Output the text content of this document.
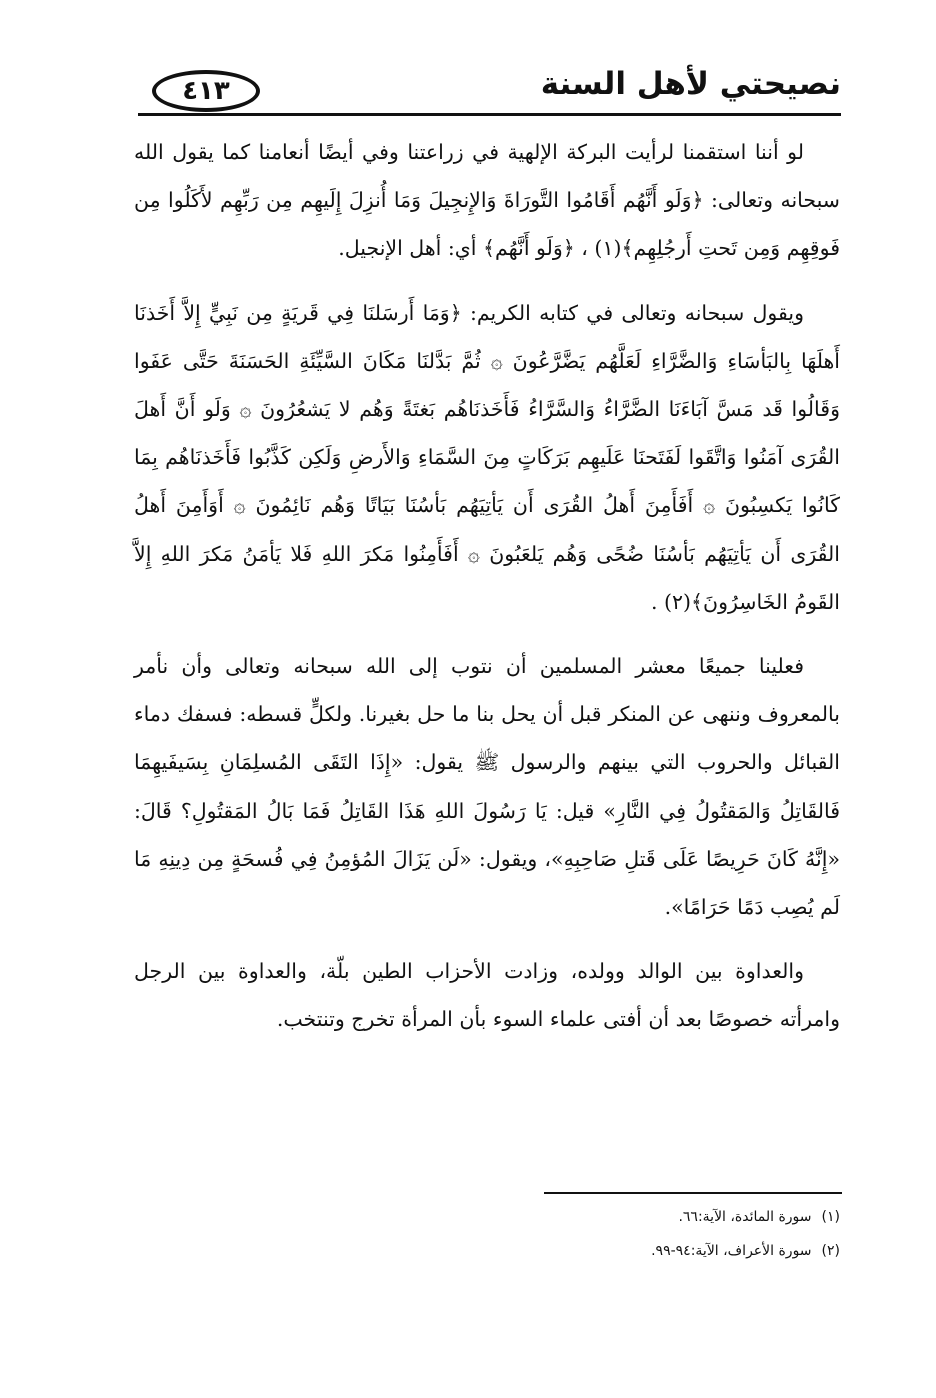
نصيحتي لأهل السنة
٤١٣

لو أننا استقمنا لرأيت البركة الإلهية في زراعتنا وفي أيضًا أنعامنا كما يقول الله سبحانه وتعالى: ﴿وَلَو أَنَّهُم أَقَامُوا التَّورَاةَ وَالإِنجِيلَ وَمَا أُنزِلَ إِلَيهِم مِن رَبِّهِم لأَكَلُوا مِن فَوقِهِم وَمِن تَحتِ أَرجُلِهِم﴾(١) ، ﴿وَلَو أَنَّهُم﴾ أي: أهل الإنجيل.

ويقول سبحانه وتعالى في كتابه الكريم: ﴿وَمَا أَرسَلنَا فِي قَريَةٍ مِن نَبِيٍّ إِلاَّ أَخَذنَا أَهلَهَا بِالبَأسَاءِ وَالضَّرَّاءِ لَعَلَّهُم يَضَّرَّعُونَ ۞ ثُمَّ بَدَّلنَا مَكَانَ السَّيِّئَةِ الحَسَنَةَ حَتَّى عَفَوا وَقَالُوا قَد مَسَّ آبَاءَنَا الضَّرَّاءُ وَالسَّرَّاءُ فَأَخَذنَاهُم بَغتَةً وَهُم لا يَشعُرُونَ ۞ وَلَو أَنَّ أَهلَ القُرَى آمَنُوا وَاتَّقَوا لَفَتَحنَا عَلَيهِم بَرَكَاتٍ مِنَ السَّمَاءِ وَالأَرضِ وَلَكِن كَذَّبُوا فَأَخَذنَاهُم بِمَا كَانُوا يَكسِبُونَ ۞ أَفَأَمِنَ أَهلُ القُرَى أَن يَأتِيَهُم بَأسُنَا بَيَاتًا وَهُم نَائِمُونَ ۞ أَوَأَمِنَ أَهلُ القُرَى أَن يَأتِيَهُم بَأسُنَا ضُحًى وَهُم يَلعَبُونَ ۞ أَفَأَمِنُوا مَكرَ اللهِ فَلا يَأمَنُ مَكرَ اللهِ إِلاَّ القَومُ الخَاسِرُونَ﴾(٢) .

فعلينا جميعًا معشر المسلمين أن نتوب إلى الله سبحانه وتعالى وأن نأمر بالمعروف وننهى عن المنكر قبل أن يحل بنا ما حل بغيرنا. ولكلٍّ قسطه: فسفك دماء القبائل والحروب التي بينهم والرسول ﷺ يقول: «إِذَا التَقَى المُسلِمَانِ بِسَيفَيهِمَا فَالقَاتِلُ وَالمَقتُولُ فِي النَّارِ» قيل: يَا رَسُولَ اللهِ هَذَا القَاتِلُ فَمَا بَالُ المَقتُولِ؟ قَالَ: «إِنَّهُ كَانَ حَرِيصًا عَلَى قَتلِ صَاحِبِهِ»، ويقول: «لَن يَزَالَ المُؤمِنُ فِي فُسحَةٍ مِن دِينِهِ مَا لَم يُصِب دَمًا حَرَامًا».

والعداوة بين الوالد وولده، وزادت الأحزاب الطين بلّة، والعداوة بين الرجل وامرأته خصوصًا بعد أن أفتى علماء السوء بأن المرأة تخرج وتنتخب.

(١)سورة المائدة، الآية:٦٦.
(٢)سورة الأعراف، الآية:٩٤-٩٩.
